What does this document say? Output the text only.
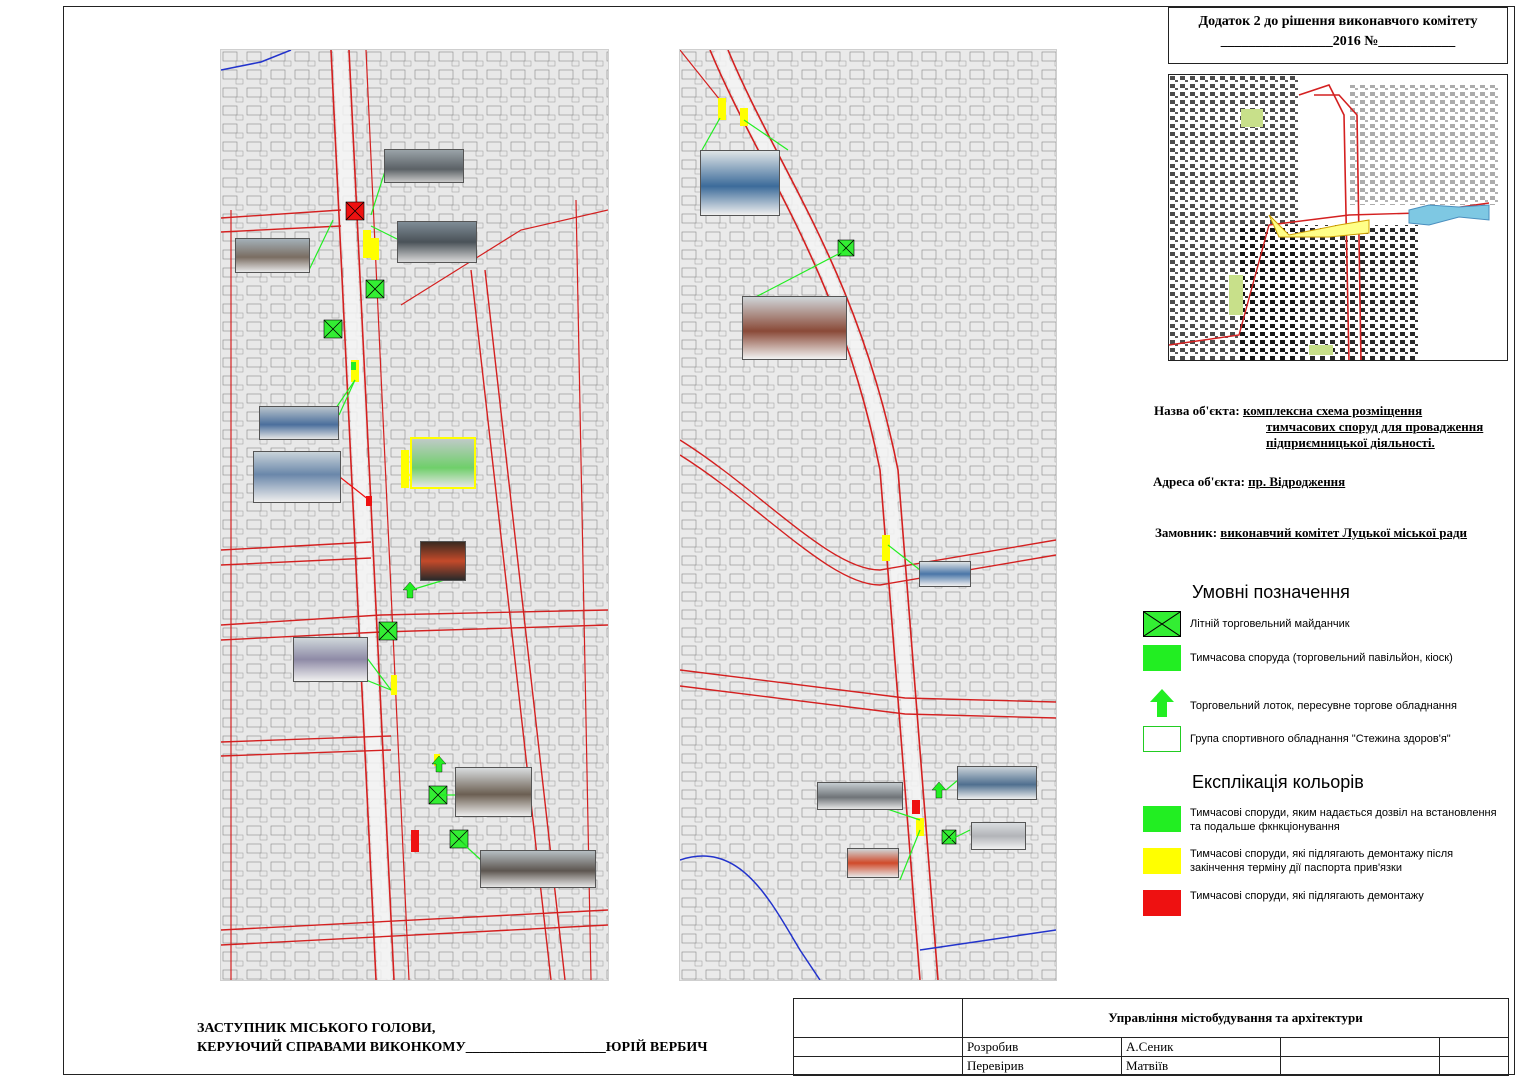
Додаток 2 до рішення виконавчого комітету
________________2016 №___________
Назва об'єкта: комплексна схема розміщення
тимчасових споруд для провадження
підприємницької діяльності.
Адреса об'єкта: пр. Відродження
Замовник: виконавчий комітет Луцької міської ради
Умовні позначення
Літній торговельний майданчик
Тимчасова споруда (торговельний павільйон, кіоск)
Торговельний лоток, пересувне торгове обладнання
Група спортивного обладнання "Стежина здоров'я"
Експлікація кольорів
Тимчасові споруди, яким надається дозвіл на встановлення
та подальше фкнкціонування
Тимчасові споруди, які підлягають демонтажу після
закінчення терміну дії паспорта прив'язки
Тимчасові споруди, які підлягають демонтажу
ЗАСТУПНИК МІСЬКОГО ГОЛОВИ,
КЕРУЮЧИЙ СПРАВАМИ ВИКОНКОМУ____________________ЮРІЙ ВЕРБИЧ
	Управління містобудування та архітектури			
	Розробив	А.Сеник		
	Перевірив	Матвіїв		
